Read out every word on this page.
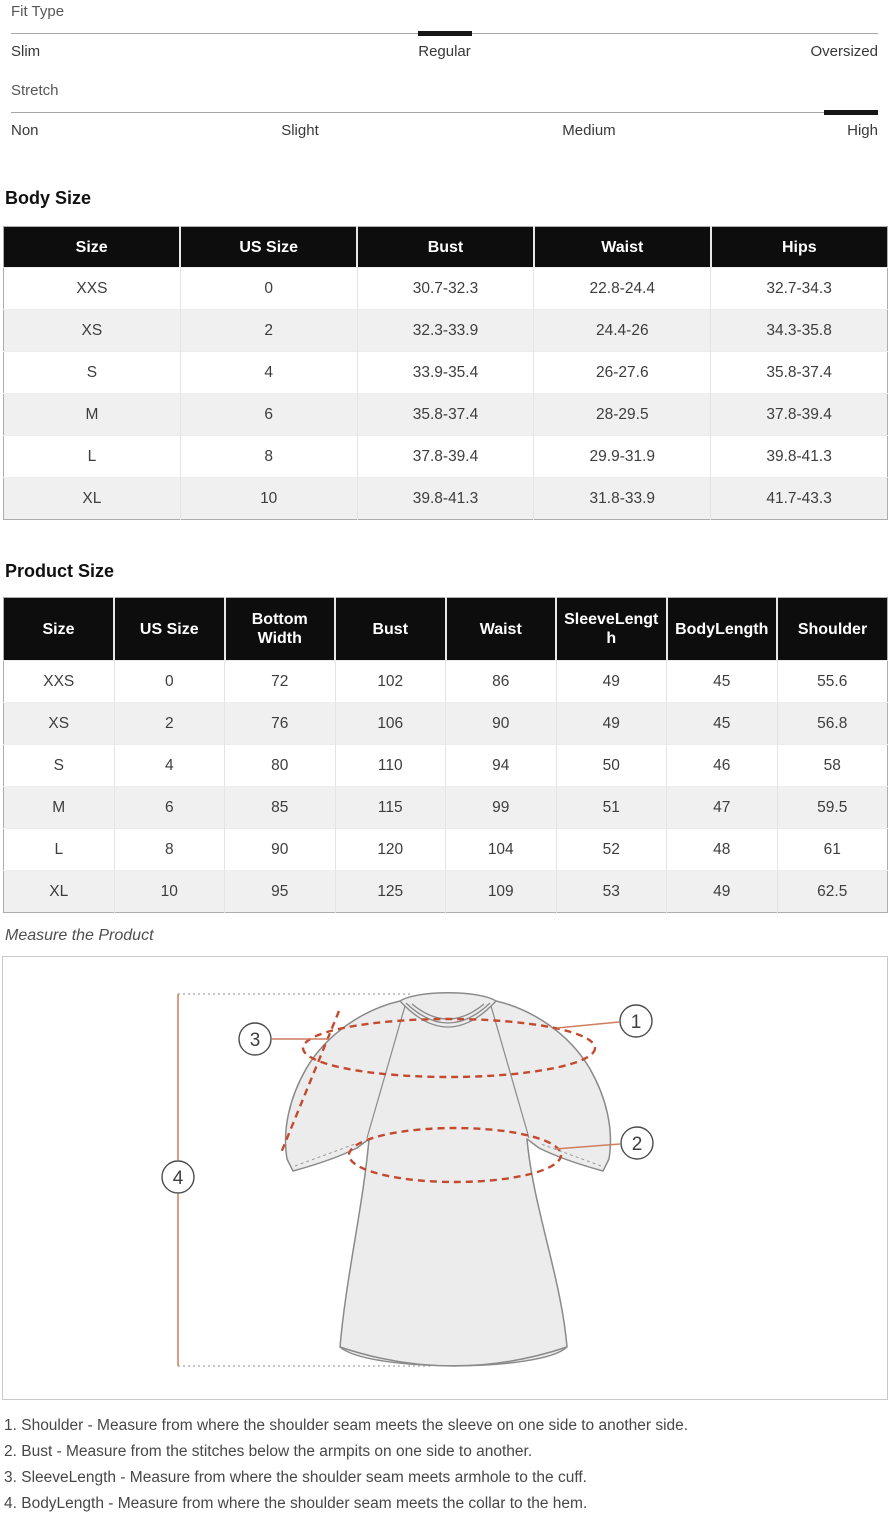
Fit Type
Slim	Regular	Oversized
Stretch
Non	Slight	Medium	High
Body Size
Size	US Size	Bust	Waist	Hips
XXS	0	30.7-32.3	22.8-24.4	32.7-34.3
XS	2	32.3-33.9	24.4-26	34.3-35.8
S	4	33.9-35.4	26-27.6	35.8-37.4
M	6	35.8-37.4	28-29.5	37.8-39.4
L	8	37.8-39.4	29.9-31.9	39.8-41.3
XL	10	39.8-41.3	31.8-33.9	41.7-43.3
Product Size
Size	US Size	Bottom Width	Bust	Waist	SleeveLength	BodyLength	Shoulder
XXS	0	72	102	86	49	45	55.6
XS	2	76	106	90	49	45	56.8
S	4	80	110	94	50	46	58
M	6	85	115	99	51	47	59.5
L	8	90	120	104	52	48	61
XL	10	95	125	109	53	49	62.5
Measure the Product
1
2
3
4
1. Shoulder - Measure from where the shoulder seam meets the sleeve on one side to another side.
2. Bust - Measure from the stitches below the armpits on one side to another.
3. SleeveLength - Measure from where the shoulder seam meets armhole to the cuff.
4. BodyLength - Measure from where the shoulder seam meets the collar to the hem.
